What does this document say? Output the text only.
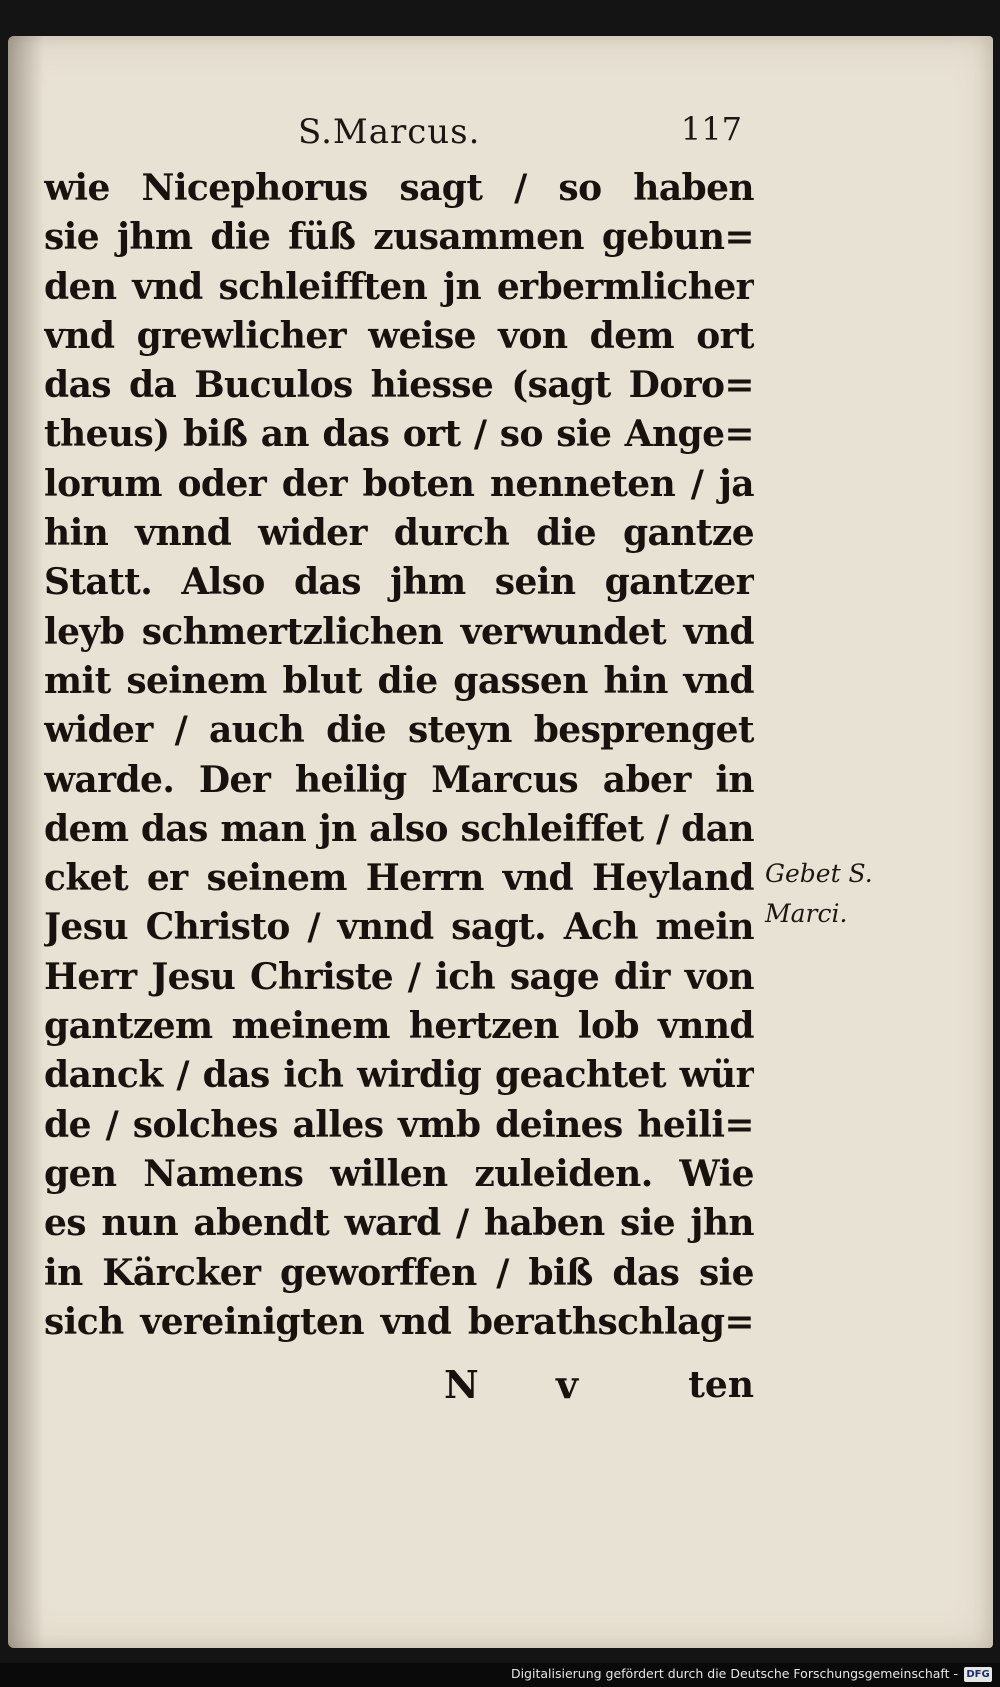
S.Marcus.	117
wie Nicephorus sagt / so haben
sie jhm die füß zusammen gebun=
den vnd schleifften jn erbermlicher
vnd grewlicher weise von dem ort
das da Buculos hiesse (sagt Doro=
theus) biß an das ort / so sie Ange=
lorum oder der boten nenneten / ja
hin vnnd wider durch die gantze
Statt. Also das jhm sein gantzer
leyb schmertzlichen verwundet vnd
mit seinem blut die gassen hin vnd
wider / auch die steyn besprenget
warde. Der heilig Marcus aber in
dem das man jn also schleiffet / dan
cket er seinem Herrn vnd Heyland
Jesu Christo / vnnd sagt. Ach mein
Herr Jesu Christe / ich sage dir von
gantzem meinem hertzen lob vnnd
danck / das ich wirdig geachtet wür
de / solches alles vmb deines heili=
gen Namens willen zuleiden. Wie
es nun abendt ward / haben sie jhn
in Kärcker geworffen / biß das sie
sich vereinigten vnd berathschlag=
N v ten
Gebet S.
Marci.
Digitalisierung gefördert durch die Deutsche Forschungsgemeinschaft - DFG
